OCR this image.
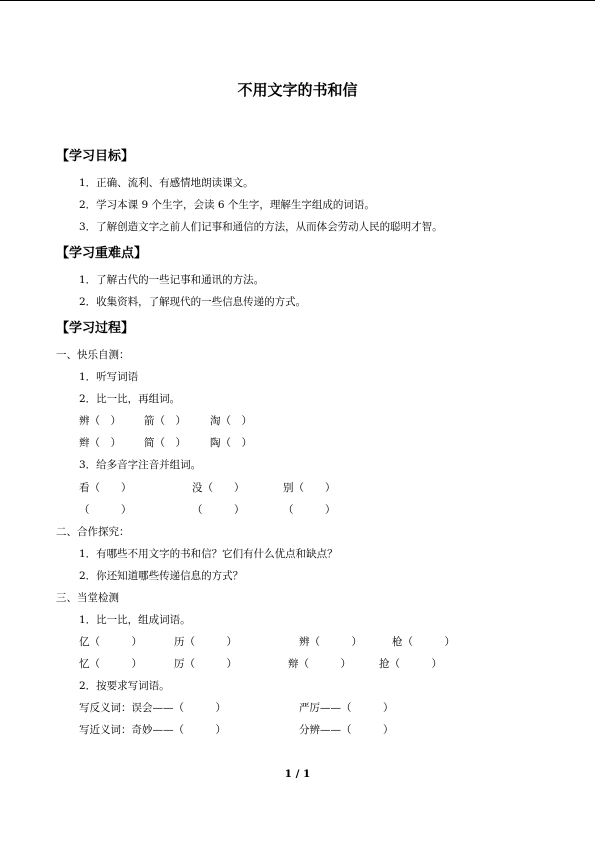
不用文字的书和信
【学习目标】
1．正确、流利、有感情地朗读课文。
2．学习本课 9 个生字，会读 6 个生字，理解生字组成的词语。
3．了解创造文字之前人们记事和通信的方法，从而体会劳动人民的聪明才智。
【学习重难点】
1．了解古代的一些记事和通讯的方法。
2．收集资料，了解现代的一些信息传递的方式。
【学习过程】
一、快乐自测：
1．听写词语
2．比一比，再组词。
辨（　） 箭（　） 淘（　）
辫（　） 简（　） 陶（　）
3．给多音字注音并组词。
看（　　）	没（　　）	别（　　）
（　　　）	（　　　）	（　　　）
二、合作探究：
1．有哪些不用文字的书和信？它们有什么优点和缺点？
2．你还知道哪些传递信息的方式？
三、当堂检测
1．比一比，组成词语。
亿（　　　）	历（　　　）	辨（　　　）	枪（　　　）
忆（　　　）	厉（　　　）	辩（　　　）	抢（　　　）
2．按要求写词语。
写反义词：误会——（　　　）	严厉——（　　　）
写近义词：奇妙——（　　　）	分辨——（　　　）
1 / 1
